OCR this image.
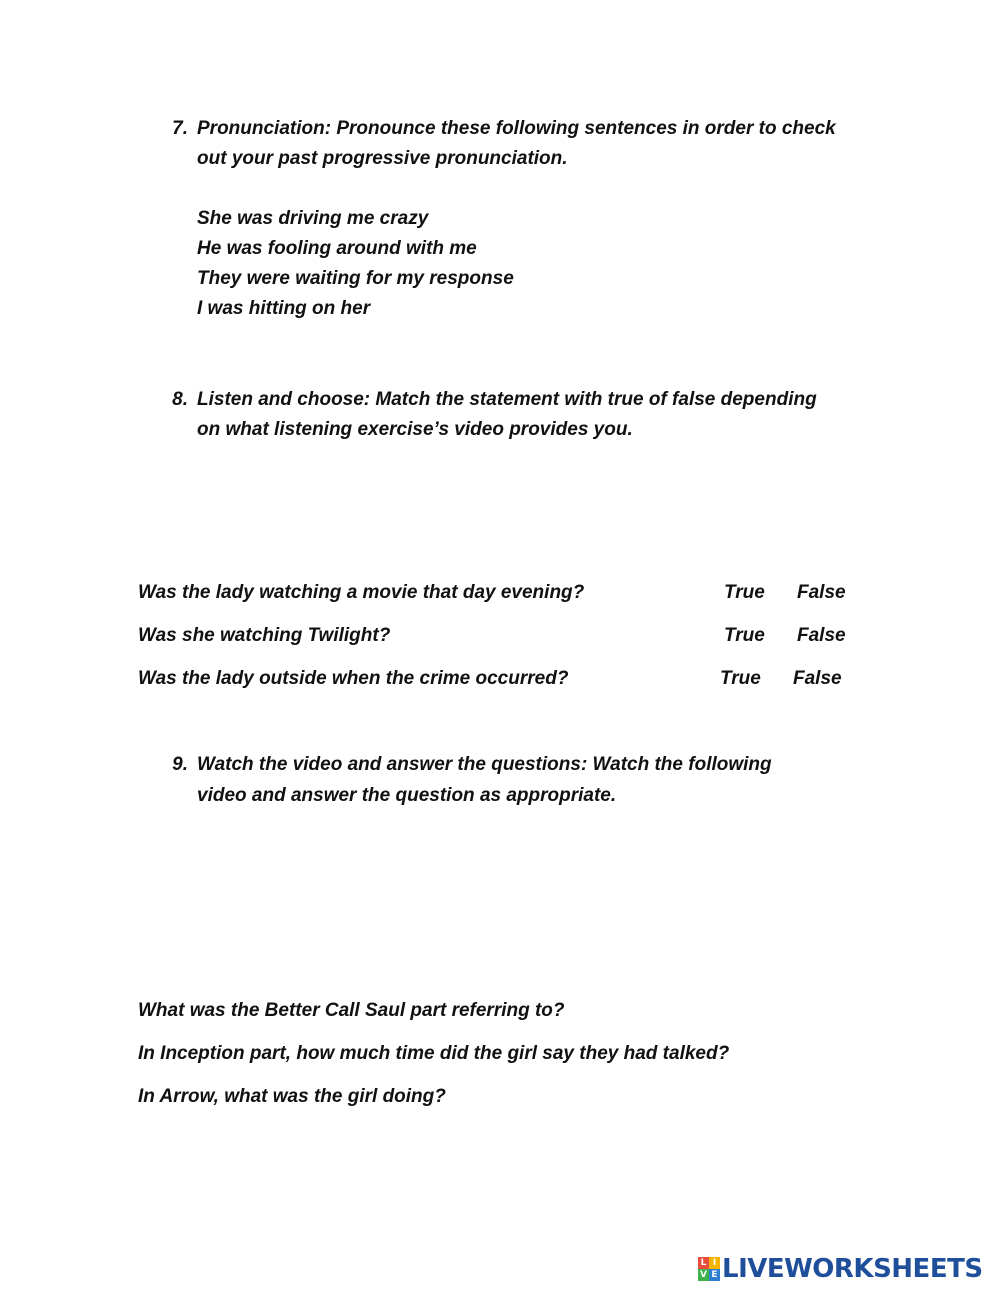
7. Pronunciation: Pronounce these following sentences in order to check
out your past progressive pronunciation.
She was driving me crazy
He was fooling around with me
They were waiting for my response
I was hitting on her
8. Listen and choose: Match the statement with true of false depending
on what listening exercise’s video provides you.
Was the lady watching a movie that day evening?	True False
Was she watching Twilight?	True False
Was the lady outside when the crime occurred?	True False
9. Watch the video and answer the questions: Watch the following
video and answer the question as appropriate.
What was the Better Call Saul part referring to?
In Inception part, how much time did the girl say they had talked?
In Arrow, what was the girl doing?
L I
V E LIVEWORKSHEETS
